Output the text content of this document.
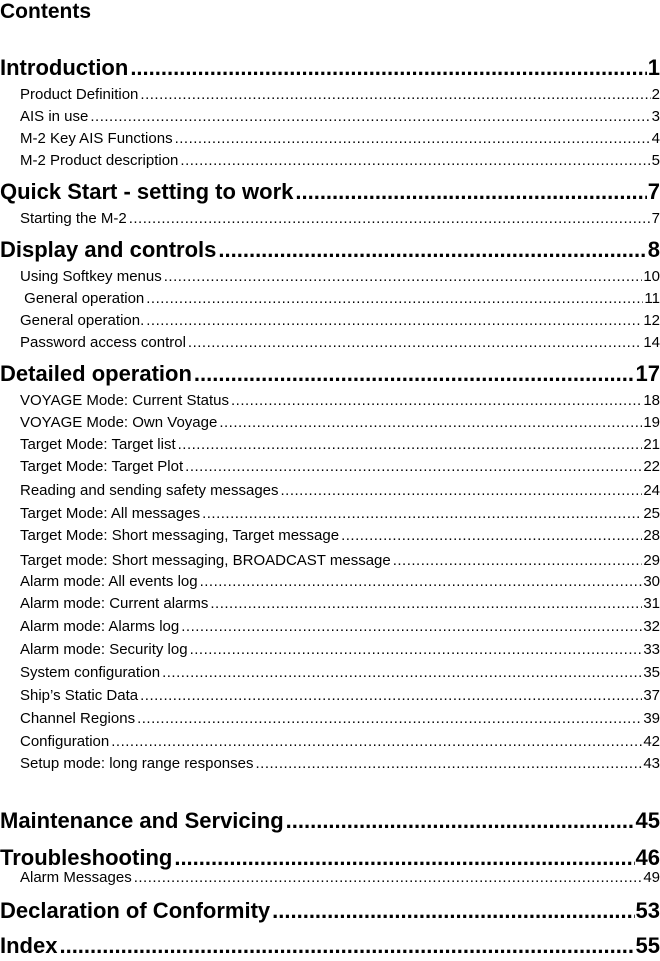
Contents
Introduction .....	1
Product Definition .....	2
AIS in use .....	3
M-2 Key AIS Functions .....	4
M-2 Product description .....	5
Quick Start - setting to work .....	7
Starting the M-2 .....	7
Display and controls .....	8
Using Softkey menus .....	10
General operation .....	11
General operation. .....	12
Password access control .....	14
Detailed operation .....	17
VOYAGE Mode: Current Status .....	18
VOYAGE Mode: Own Voyage .....	19
Target Mode: Target list .....	21
Target Mode: Target Plot .....	22
Reading and sending safety messages .....	24
Target Mode: All messages .....	25
Target Mode: Short messaging, Target message .....	28
Target mode: Short messaging, BROADCAST message .....	29
Alarm mode: All events log .....	30
Alarm mode: Current alarms .....	31
Alarm mode: Alarms log .....	32
Alarm mode: Security log .....	33
System configuration .....	35
Ship’s Static Data .....	37
Channel Regions .....	39
Configuration .....	42
Setup mode: long range responses .....	43
Maintenance and Servicing .....	45
Troubleshooting .....	46
Alarm Messages .....	49
Declaration of Conformity .....	53
Index .....	55
